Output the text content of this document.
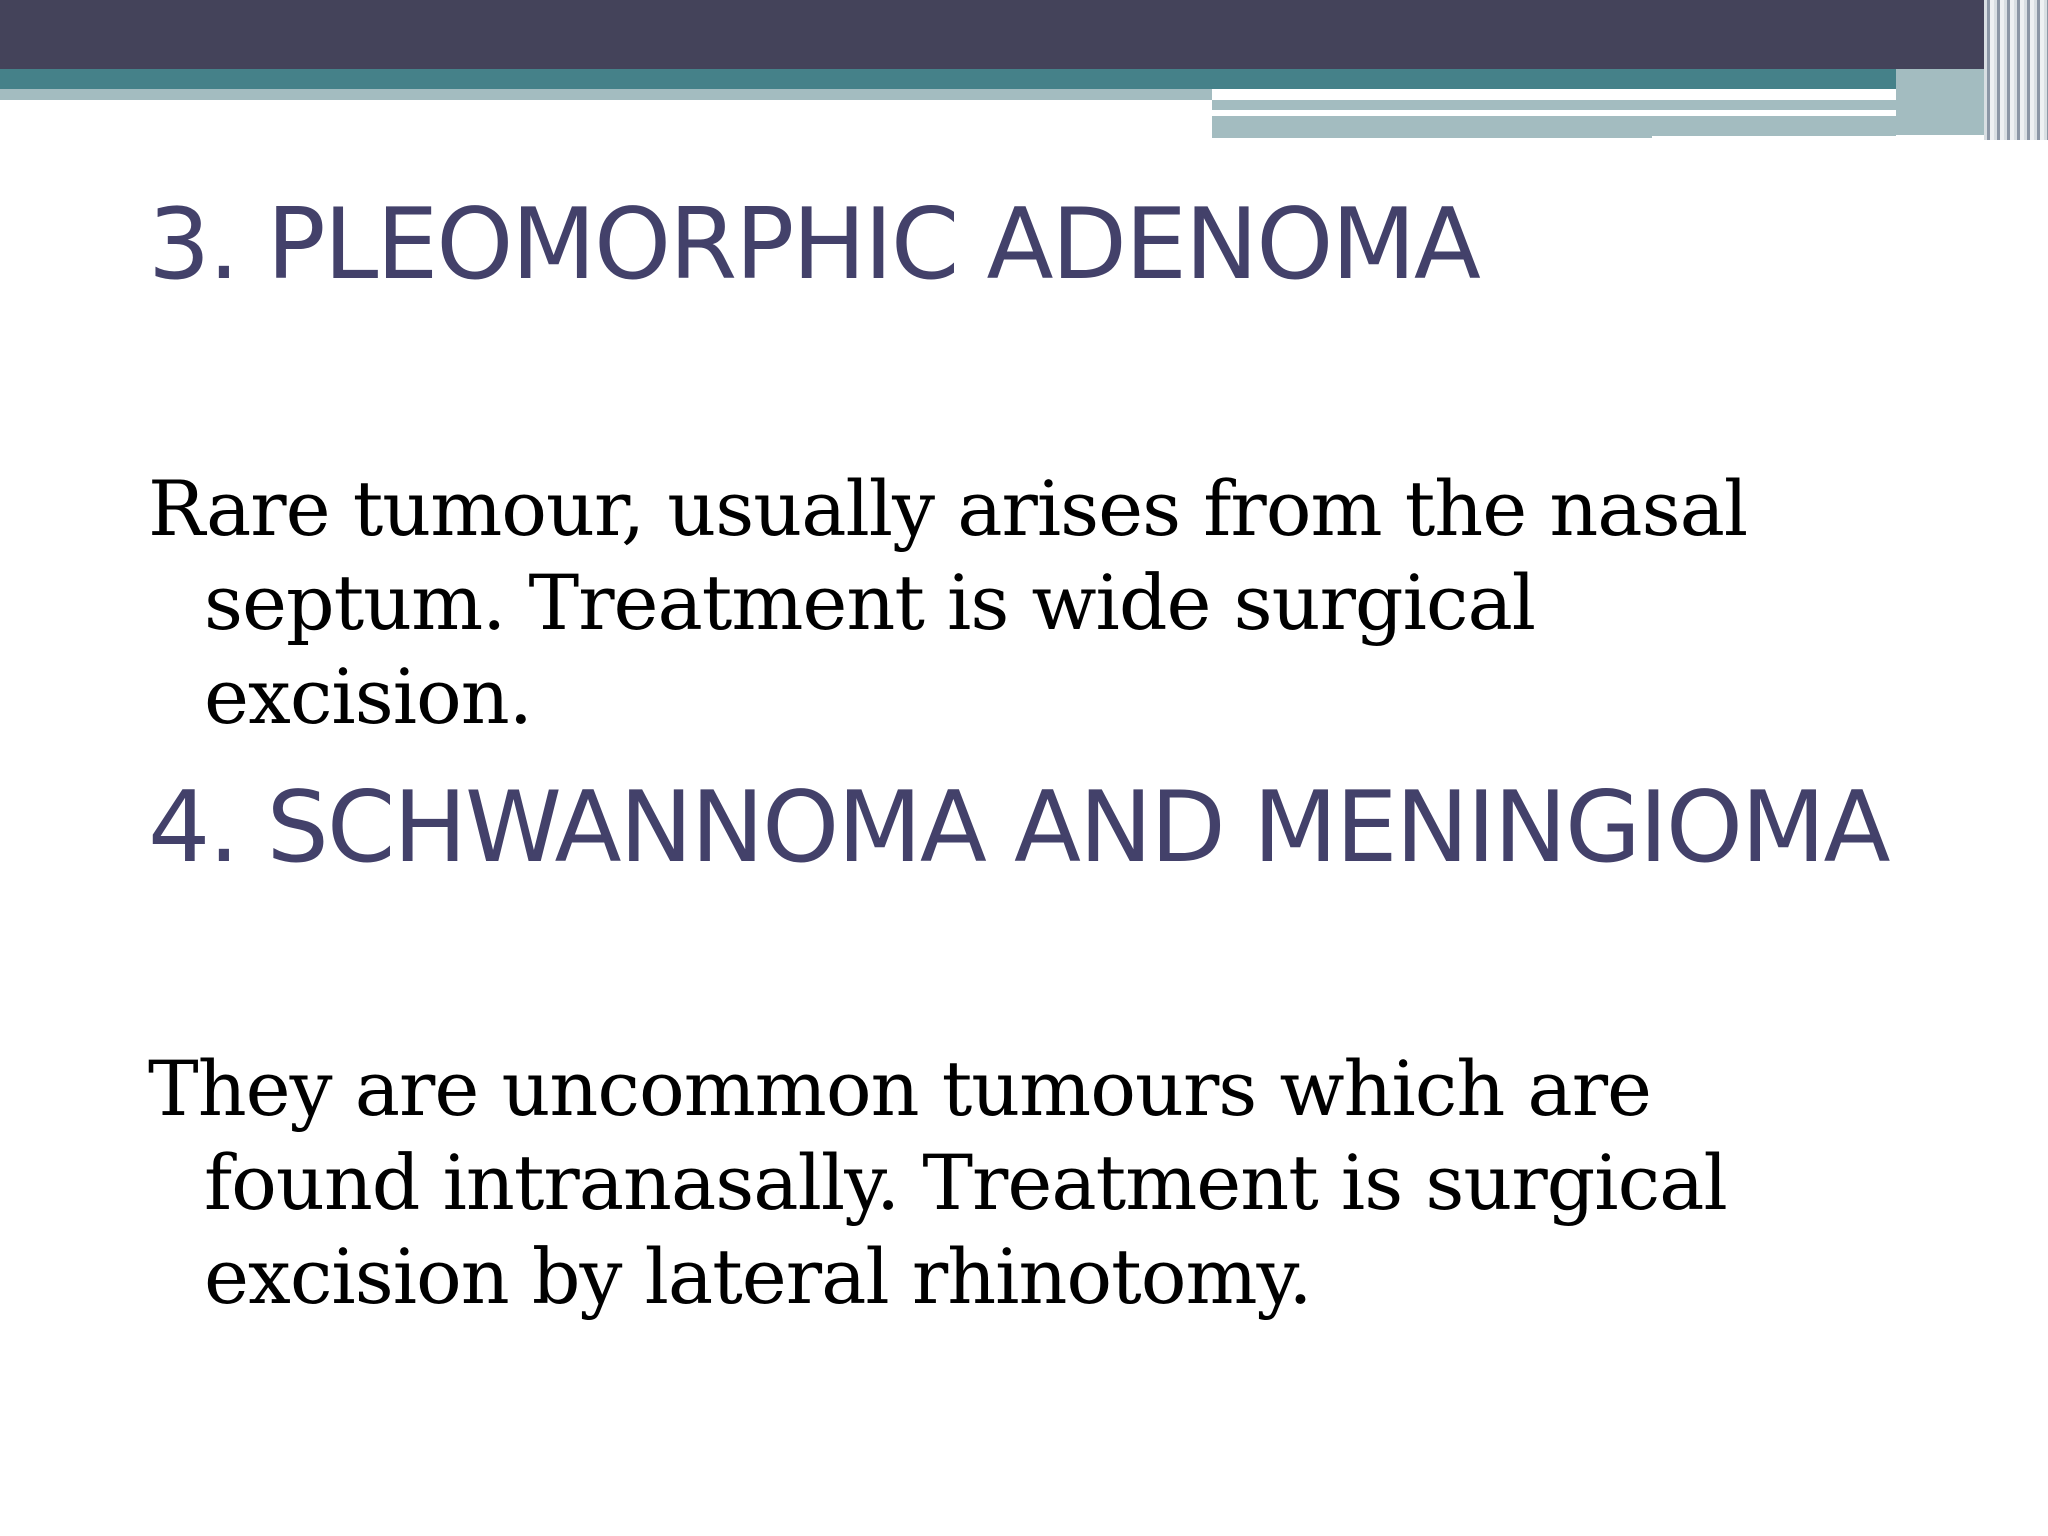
3. PLEOMORPHIC ADENOMA

Rare tumour, usually arises from the nasal septum. Treatment is wide surgical excision.

4. SCHWANNOMA AND MENINGIOMA

They are uncommon tumours which are found intranasally. Treatment is surgical excision by lateral rhinotomy.
